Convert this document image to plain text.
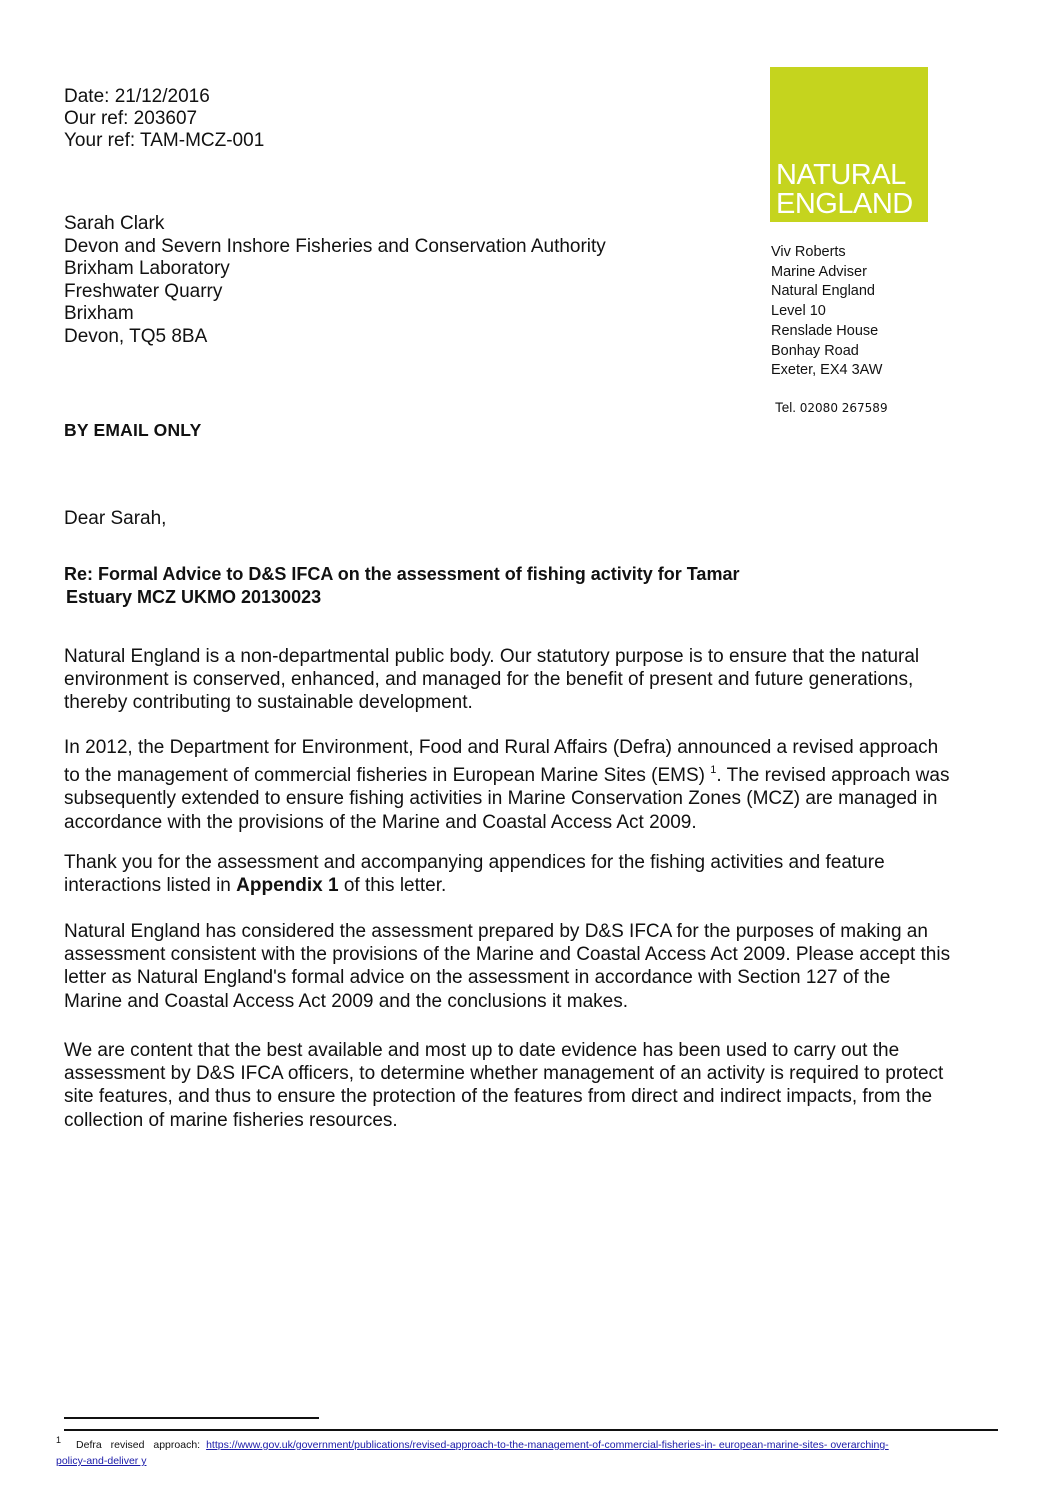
Date: 21/12/2016
Our ref: 203607
Your ref: TAM-MCZ-001
Sarah Clark
Devon and Severn Inshore Fisheries and Conservation Authority
Brixham Laboratory
Freshwater Quarry
Brixham
Devon, TQ5 8BA
NATURAL
ENGLAND
Viv Roberts
Marine Adviser
Natural England
Level 10
Renslade House
Bonhay Road
Exeter, EX4 3AW
Tel. 02080 267589
BY EMAIL ONLY
Dear Sarah,
Re: Formal Advice to D&S IFCA on the assessment of fishing activity for Tamar
Estuary MCZ UKMO 20130023

Natural England is a non-departmental public body. Our statutory purpose is to ensure that the natural
environment is conserved, enhanced, and managed for the benefit of present and future generations,
thereby contributing to sustainable development.

In 2012, the Department for Environment, Food and Rural Affairs (Defra) announced a revised approach
to the management of commercial fisheries in European Marine Sites (EMS) $^1$. The revised approach was
subsequently extended to ensure fishing activities in Marine Conservation Zones (MCZ) are managed in
accordance with the provisions of the Marine and Coastal Access Act 2009.

Thank you for the assessment and accompanying appendices for the fishing activities and feature
interactions listed in Appendix 1 of this letter.

Natural England has considered the assessment prepared by D&S IFCA for the purposes of making an
assessment consistent with the provisions of the Marine and Coastal Access Act 2009. Please accept this
letter as Natural England's formal advice on the assessment in accordance with Section 127 of the
Marine and Coastal Access Act 2009 and the conclusions it makes.

We are content that the best available and most up to date evidence has been used to carry out the
assessment by D&S IFCA officers, to determine whether management of an activity is required to protect
site features, and thus to ensure the protection of the features from direct and indirect impacts, from the
collection of marine fisheries resources.

1 Defra revised approach: https://www.gov.uk/government/publications/revised-approach-to-the-management-of-commercial-fisheries-in- european-marine-sites- overarching-
policy-and-deliver y
